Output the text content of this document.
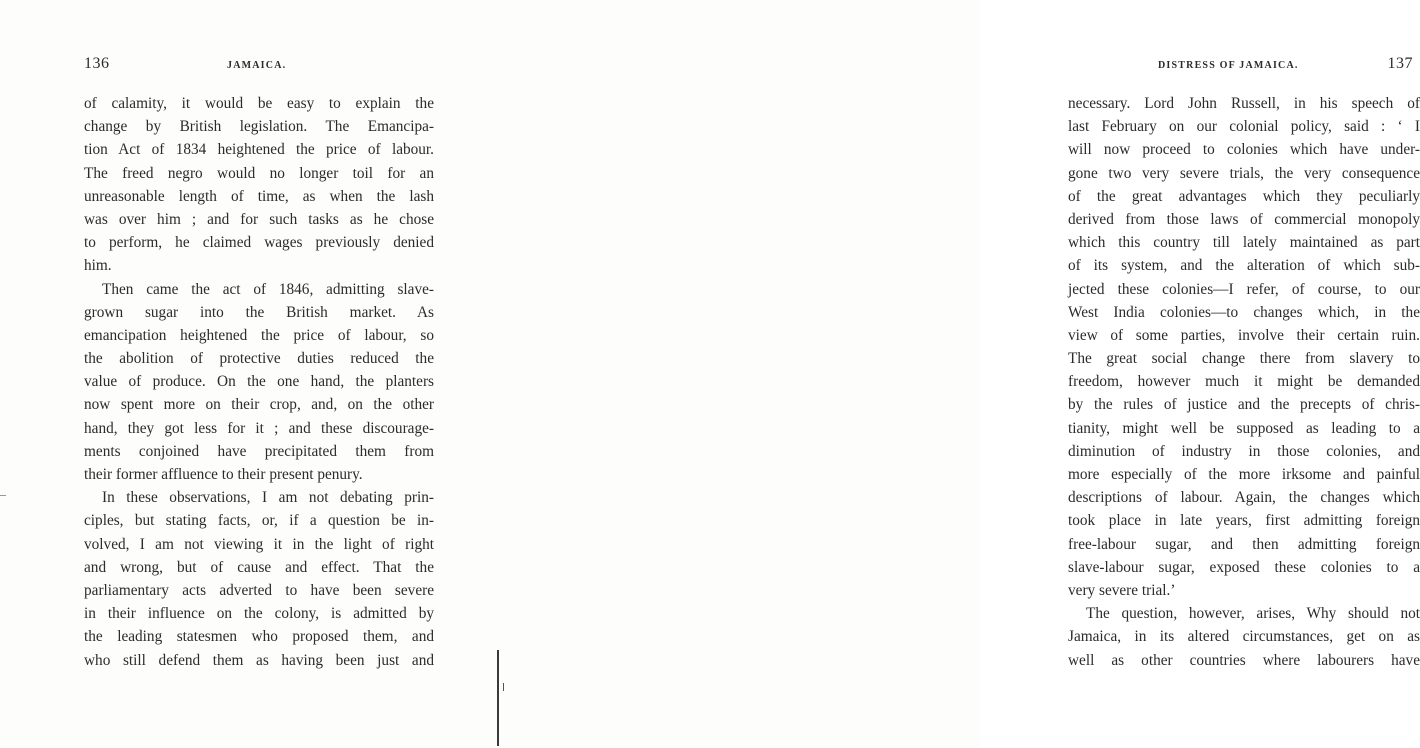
136	JAMAICA.
of calamity, it would be easy to explain the
change by British legislation. The Emancipa-
tion Act of 1834 heightened the price of labour.
The freed negro would no longer toil for an
unreasonable length of time, as when the lash
was over him ; and for such tasks as he chose
to perform, he claimed wages previously denied
him.
Then came the act of 1846, admitting slave-
grown sugar into the British market. As
emancipation heightened the price of labour, so
the abolition of protective duties reduced the
value of produce. On the one hand, the planters
now spent more on their crop, and, on the other
hand, they got less for it ; and these discourage-
ments conjoined have precipitated them from
their former affluence to their present penury.
In these observations, I am not debating prin-
ciples, but stating facts, or, if a question be in-
volved, I am not viewing it in the light of right
and wrong, but of cause and effect. That the
parliamentary acts adverted to have been severe
in their influence on the colony, is admitted by
the leading statesmen who proposed them, and
who still defend them as having been just and
DISTRESS OF JAMAICA.	137
necessary. Lord John Russell, in his speech of
last February on our colonial policy, said : ‘ I
will now proceed to colonies which have under-
gone two very severe trials, the very consequence
of the great advantages which they peculiarly
derived from those laws of commercial monopoly
which this country till lately maintained as part
of its system, and the alteration of which sub-
jected these colonies—I refer, of course, to our
West India colonies—to changes which, in the
view of some parties, involve their certain ruin.
The great social change there from slavery to
freedom, however much it might be demanded
by the rules of justice and the precepts of chris-
tianity, might well be supposed as leading to a
diminution of industry in those colonies, and
more especially of the more irksome and painful
descriptions of labour. Again, the changes which
took place in late years, first admitting foreign
free-labour sugar, and then admitting foreign
slave-labour sugar, exposed these colonies to a
very severe trial.’
The question, however, arises, Why should not
Jamaica, in its altered circumstances, get on as
well as other countries where labourers have
